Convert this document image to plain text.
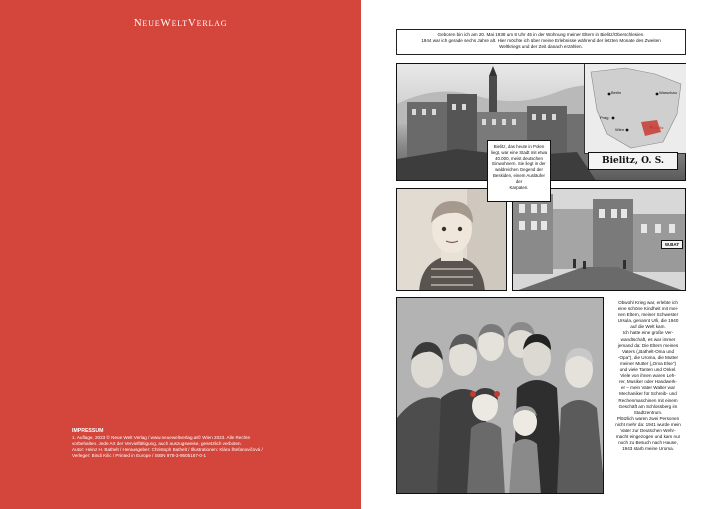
NeueWeltVerlag
IMPRESSUM
1. Auflage, 2023 © Neue Welt Verlag / www.neueweltverlag.at© Wien 2023. Alle Rechte
vorbehalten. Jede Art der Vervielfältigung, auch auszugsweise, gesetzlich verboten.
Autor: Heinz H. Bathelt / Herausgeber: Christoph Bathelt / Illustrationen: Klára Štefanovičová /
Verleger: Bindi Kilic / Printed in Europe / ISBN 978-3-9505187-0-1
Geboren bin ich am 20. Mai 1938 um 8 Uhr 45 in der Wohnung meiner Eltern in Bielitz/Oberschlesien.
1944 war ich gerade sechs Jahre alt. Hier möchte ich über meine Erlebnisse während der letzten Monate des Zweiten
Weltkriegs und der Zeit danach erzählen.
Berlin	Warschau
Prag
Wien	Bielitz
Bielitz, O. S.
W.BAT
Bielitz, das heute in Polen
liegt, war eine Stadt mit etwa
40.000, meist deutschen
Einwohnern. Sie liegt in der
waldreichen Gegend der
Beskiden, einem Ausläufer der
Karpaten.
Obwohl Krieg war, erlebte ich
eine schöne Kindheit mit mei-
nen Eltern, meiner Schwester
Ursula, genannt Urli, die 1940
auf die Welt kam.
Ich hatte eine große Ver-
wandtschaft, es war immer
jemand da: Die Eltern meines
Vaters („Bathelt-Oma und
-Opa"), die Uroma, die Mutter
meiner Mutter („Oma Else")
und viele Tanten und Onkel.
Viele von ihnen waren Leh-
rer, Musiker oder Handwerk-
er – mein Vater Walter war
Mechaniker für Schreib- und
Rechenmaschinen mit einem
Geschäft am Schlossberg im
Stadtzentrum.
Plötzlich waren zwei Personen
nicht mehr da: 1941 wurde mein
Vater zur Deutschen Wehr-
macht eingezogen und kam nur
noch zu Besuch nach Hause,
1943 starb meine Uroma.
